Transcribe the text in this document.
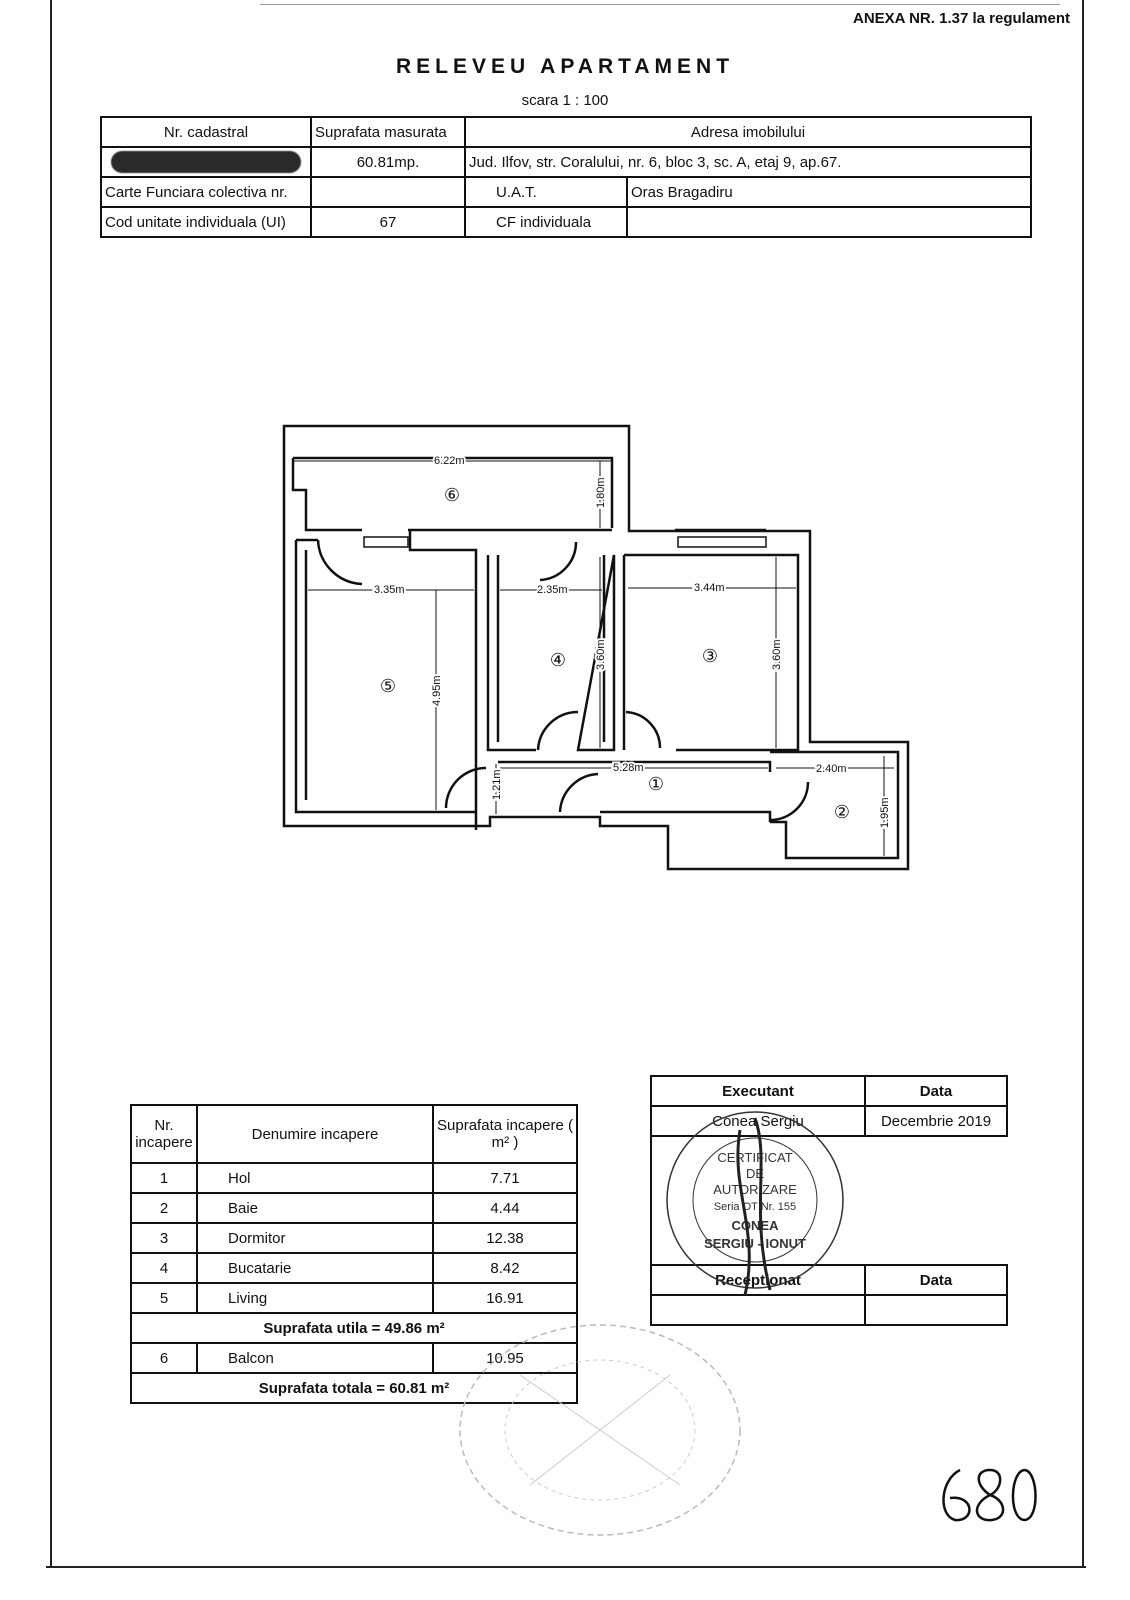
ANEXA NR. 1.37 la regulament
RELEVEU APARTAMENT
scara 1 : 100
Nr. cadastral	Suprafata masurata	Adresa imobilului	
	60.81mp.	Jud. Ilfov, str. Coralului, nr. 6, bloc 3, sc. A, etaj 9, ap.67.	
Carte Funciara colectiva nr.		U.A.T.	Oras Bragadiru
Cod unitate individuala (UI)	67	CF individuala	
6.22m
1.80m
3.35m
4.95m
2.35m
3.60m
3.44m
3.60m
5.28m
1.21m
2.40m
1.95m
⑥
⑤
④	③
①
②
Nr. incapere	Denumire incapere	Suprafata incapere ( m² )
1	Hol	7.71
2	Baie	4.44
3	Dormitor	12.38
4	Bucatarie	8.42
5	Living	16.91
Suprafata utila = 49.86 m²		
6	Balcon	10.95
Suprafata totala = 60.81 m²		
Executant	Data
Conea Sergiu	Decembrie 2019
Receptionat	Data

CERTIFICAT
DE
AUTORIZARE
Seria OT Nr. 155
CONEA
SERGIU - IONUT
